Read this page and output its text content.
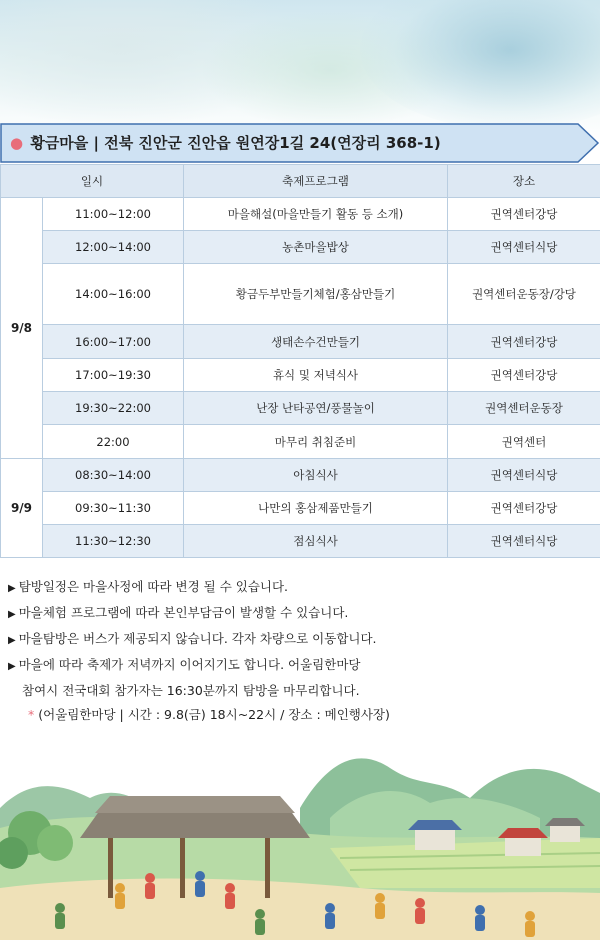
● 황금마을 | 전북 진안군 진안읍 원연장1길 24(연장리 368-1)
일시		축제프로그램	장소
9/8	11:00~12:00	마을해설(마을만들기 활동 등 소개)	권역센터강당
	12:00~14:00	농촌마을밥상	권역센터식당
	14:00~16:00	황금두부만들기체험/홍삼만들기	권역센터운동장/강당
	16:00~17:00	생태손수건만들기	권역센터강당
	17:00~19:30	휴식 및 저녁식사	권역센터강당
	19:30~22:00	난장 난타공연/풍물놀이	권역센터운동장
	22:00	마무리 취침준비	권역센터
9/9	08:30~14:00	아침식사	권역센터식당
	09:30~11:30	나만의 홍삼제품만들기	권역센터강당
	11:30~12:30	점심식사	권역센터식당
▶ 탐방일정은 마을사정에 따라 변경 될 수 있습니다.
▶ 마을체험 프로그램에 따라 본인부담금이 발생할 수 있습니다.
▶ 마을탐방은 버스가 제공되지 않습니다. 각자 차량으로 이동합니다.
▶ 마을에 따라 축제가 저녁까지 이어지기도 합니다. 어울림한마당
참여시 전국대회 참가자는 16:30분까지 탐방을 마무리합니다.
* (어울림한마당 | 시간 : 9.8(금) 18시~22시 / 장소 : 메인행사장)
